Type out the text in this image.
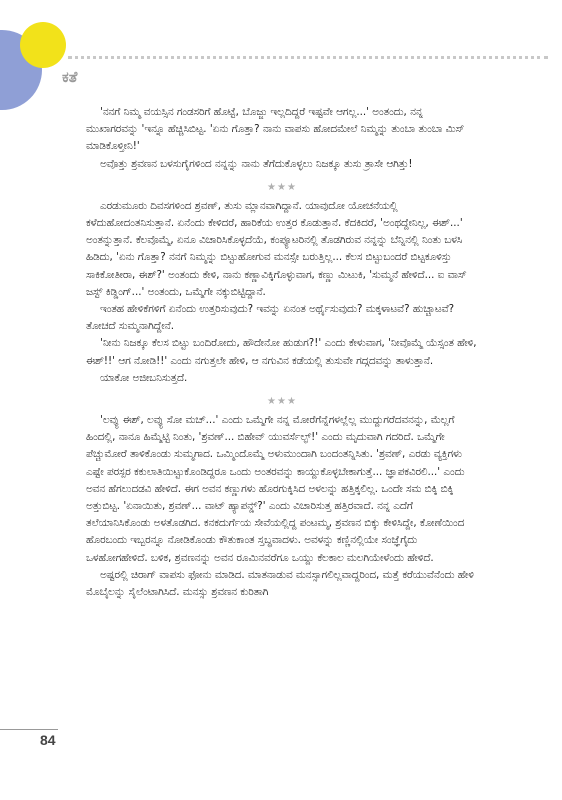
ಕತೆ

'ನನಗೆ ನಿಮ್ಮ ವಯಸ್ಸಿನ ಗಂಡಸರಿಗೆ ಹೊಟ್ಟೆ, ಬೊಜ್ಜು ಇಲ್ಲದಿದ್ದರೆ ಇಷ್ಟವೇ ಆಗಲ್ಲ...' ಅಂತಂದು, ನನ್ನ ಮುಖಾಗರವನ್ನು 'ಇನ್ನೂ ಹೆಚ್ಚಿಸಿಬಿಟ್ಟ. 'ಏನು ಗೊತ್ತಾ? ನಾನು ವಾಪಸು ಹೋದಮೇಲೆ ನಿಮ್ಮನ್ನು ತುಂಬಾ ತುಂಬಾ ಮಿಸ್ ಮಾಡಿಕೊಳ್ತೀನಿ!'

ಅವೊತ್ತು ಶ್ರವಣನ ಬಳಸುಗೈಗಳಿಂದ ನನ್ನನ್ನು ನಾನು ತೆಗೆದುಕೊಳ್ಳಲು ನಿಜಕ್ಕೂ ತುಸು ತ್ರಾಸೇ ಆಗಿತ್ತು!

★★★

ಎರಡುಮೂರು ದಿವಸಗಳಿಂದ ಶ್ರವಣ್, ತುಸು ಮ್ಲಾನವಾಗಿದ್ದಾನೆ. ಯಾವುದೋ ಯೋಚನೆಯಲ್ಲಿ ಕಳೆದುಹೋದಂತನಿಸುತ್ತಾನೆ. ಏನೆಂದು ಕೇಳಿದರೆ, ಹಾರಿಕೆಯ ಉತ್ತರ ಕೊಡುತ್ತಾನೆ. ಕೆದಕಿದರೆ, 'ಅಂಥದ್ದೇನಿಲ್ಲ, ಈಶ್...' ಅಂತನ್ನುತ್ತಾನೆ. ಕೆಲವೊಮ್ಮೆ, ಏನೂ ವಿಚಾರಿಸಿಕೊಳ್ಳದೆಯೆ, ಕಂಪ್ಯೂಟರಿನಲ್ಲಿ ತೊಡಗಿರುವ ನನ್ನನ್ನು ಬೆನ್ನಿನಲ್ಲಿ ನಿಂತು ಬಳಸಿ ಹಿಡಿದು, 'ಏನು ಗೊತ್ತಾ? ನನಗೆ ನಿಮ್ಮನ್ನು ಬಿಟ್ಟುಹೋಗುವ ಮನಸ್ಸೇ ಬರುತ್ತಿಲ್ಲ... ಕೆಲಸ ಬಿಟ್ಟುಬಂದರೆ ಬಿಟ್ಟಕೂಳಿಸ್ತು ಸಾಕಿಕೋತೀರಾ, ಈಶ್?' ಅಂತಂದು ಕೇಳಿ, ನಾನು ಕಣ್ಣಾವಿಕ್ಕಿಗೊಳ್ಳುವಾಗ, ಕಣ್ಣು ಮಿಟುಕಿ, 'ಸುಮ್ಮನೆ ಹೇಳಿದೆ... ಐ ವಾಸ್ ಜಸ್ಟ್ ಕಿಡ್ಡಿಂಗ್...' ಅಂತಂದು, ಒಮ್ಮೆಗೇ ನಕ್ಕುಬಿಟ್ಟಿದ್ದಾನೆ.

ಇಂತಹ ಹೇಳಿಕೆಗಳಿಗೆ ಏನೆಂದು ಉತ್ತರಿಸುವುದು? ಇವನ್ನು ಏನಂತ ಅರ್ಥೈಸುವುದು? ಮಕ್ಕಳಾಟವೆ? ಹುಚ್ಚಾಟವೆ? ತೋಚದೆ ಸುಮ್ಮನಾಗಿದ್ದೇನೆ.

'ನೀನು ನಿಜಕ್ಕೂ ಕೆಲಸ ಬಿಟ್ಟು ಬಂದಿರೋದು, ಹೌದೇನೋ ಹುಡುಗ?!' ಎಂದು ಕೇಳುವಾಗ, 'ನೀವೊಮ್ಮೆ ಯೆಸ್ಸಂತ ಹೇಳಿ, ಈಶ್!!' ಆಗ ನೋಡಿ!!' ಎಂದು ನಗುತ್ತಲೇ ಹೇಳಿ, ಆ ನಗುವಿನ ಕಡೆಯಲ್ಲಿ ತುಸುವೇ ಗದ್ಗದವನ್ನು ತಾಳುತ್ತಾನೆ.

ಯಾಕೋ ಅಜೀಬನಿಸುತ್ತದೆ.

★★★

'ಲವ್ಯು ಈಶ್, ಲವ್ಯು ಸೋ ಮಚ್...' ಎಂದು ಒಮ್ಮೆಗೇ ನನ್ನ ಮೋರೆಗೆನ್ನೆಗಳಲ್ಲೆಲ್ಲ ಮುದ್ದುಗರೆದವನನ್ನು, ಮೆಲ್ಲಗೆ ಹಿಂದಲ್ಲಿ, ನಾನೂ ಹಿಮ್ಮೆಟ್ಟಿ ನಿಂತು, 'ಶ್ರವಣ್... ಬಿಹೇವ್ ಯುವರ್ಸೆಲ್ಫ್!' ಎಂದು ಮೃದುವಾಗಿ ಗದರಿದೆ. ಒಮ್ಮೆಗೇ ಪೆಚ್ಚುಮೋರೆ ತಾಳಿಕೊಂಡು ಸುಮ್ಮಗಾದ. ಒಮ್ಮಿಂದೊಮ್ಮೆ ಅಳುಮುಂದಾಗಿ ಬಂದಂತನ್ನಿಸಿತು. 'ಶ್ರವಣ್, ಎರಡು ವ್ಯಕ್ತಿಗಳು ಎಷ್ಟೇ ಪರಸ್ಪರ ಕಕುಲಾತಿಯಿಟ್ಟುಕೊಂಡಿದ್ದರೂ ಒಂದು ಅಂತರವನ್ನು ಕಾಯ್ದುಕೊಳ್ಳಬೇಕಾಗುತ್ತೆ... ಜ್ಞಾಪಕವಿರಲಿ...' ಎಂದು ಅವನ ಹೆಗಲುದಡವಿ ಹೇಳಿದೆ. ಈಗ ಅವನ ಕಣ್ಣುಗಳು ಹೊರಗುಕ್ಕಿಸಿದ ಅಳಲನ್ನು ಹತ್ತಿಕ್ಕಲಿಲ್ಲ. ಒಂದೇ ಸಮ ಬಿಕ್ಕಿ ಬಿಕ್ಕಿ ಅತ್ತುಬಿಟ್ಟ. 'ಏನಾಯಿತು, ಶ್ರವಣ್... ವಾಟ್ ಹ್ಯಾಪನ್ಡ್?' ಎಂದು ವಿಚಾರಿಸುತ್ತ ಹತ್ತಿರವಾದೆ. ನನ್ನ ಎದೆಗೆ ತಲೆಯಾನಿಸಿಕೊಂಡು ಅಳತೊಡಗಿದ. ಕನಕದುರ್ಗೆಯ ಸೇವೆಯಲ್ಲಿದ್ದ ಪಂಟಮ್ಮ, ಶ್ರವಣನ ಬಿಕ್ಕು ಕೇಳಿಸಿದ್ದೇ, ಕೋಣೆಯಿಂದ ಹೊರಬಂದು ಇಬ್ಬರನ್ನೂ ನೋಡಿಕೊಂಡು ಕೌತುಕಾಂತ ಸ್ತಬ್ಧವಾದಳು. ಅವಳನ್ನು ಕಣ್ಣಿನಲ್ಲಿಯೇ ಸಂಜ್ಞೆಗೈದು ಒಳಹೋಗಹೇಳಿದೆ. ಬಳಿಕ, ಶ್ರವಣನನ್ನು ಅವನ ರೂಮಿನವರೆಗೂ ಒಯ್ದು ಕೆಲಕಾಲ ಮಲಗಿಯೇಳೆಂದು ಹೇಳಿದೆ.

ಅಷ್ಟರಲ್ಲಿ ಚಿರಾಗ್ ವಾಪಸು ಫೋನು ಮಾಡಿದ. ಮಾತನಾಡುವ ಮನಸ್ಸಾಗಲಿಲ್ಲವಾದ್ದರಿಂದ, ಮತ್ತೆ ಕರೆಯುವೆನೆಂದು ಹೇಳಿ ಮೊಬೈಲನ್ನು ಸೈಲೆಂಟಾಗಿಸಿದೆ. ಮನಸ್ಸು ಶ್ರವಣನ ಕುರಿತಾಗಿ

84
